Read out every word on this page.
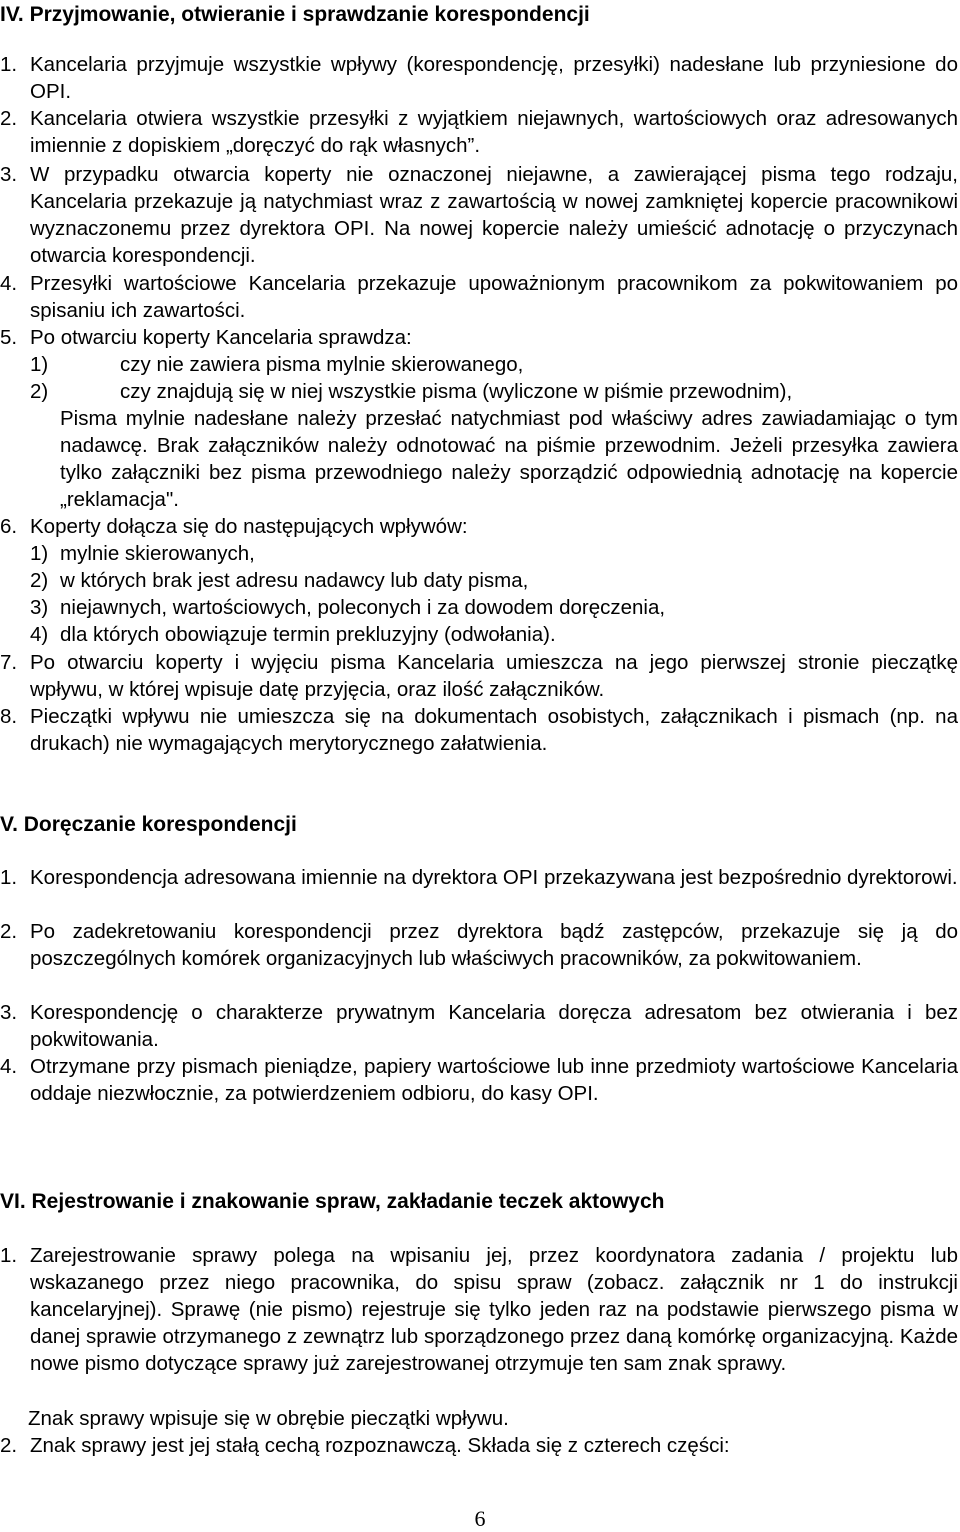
IV. Przyjmowanie, otwieranie i sprawdzanie korespondencji
1. Kancelaria przyjmuje wszystkie wpływy (korespondencję, przesyłki) nadesłane lub przyniesione do OPI.
2. Kancelaria otwiera wszystkie przesyłki z wyjątkiem niejawnych, wartościowych oraz adresowanych imiennie z dopiskiem „doręczyć do rąk własnych”.
3. W przypadku otwarcia koperty nie oznaczonej niejawne, a zawierającej pisma tego rodzaju, Kancelaria przekazuje ją natychmiast wraz z zawartością w nowej zamkniętej kopercie pracownikowi wyznaczonemu przez dyrektora OPI. Na nowej kopercie należy umieścić adnotację o przyczynach otwarcia korespondencji.
4. Przesyłki wartościowe Kancelaria przekazuje upoważnionym pracownikom za pokwitowaniem po spisaniu ich zawartości.
5. Po otwarciu koperty Kancelaria sprawdza:
1)	czy nie zawiera pisma mylnie skierowanego,
2)	czy znajdują się w niej wszystkie pisma (wyliczone w piśmie przewodnim),
Pisma mylnie nadesłane należy przesłać natychmiast pod właściwy adres zawiadamiając o tym nadawcę. Brak załączników należy odnotować na piśmie przewodnim. Jeżeli przesyłka zawiera tylko załączniki bez pisma przewodniego należy sporządzić odpowiednią adnotację na kopercie „reklamacja".
6. Koperty dołącza się do następujących wpływów:
1) mylnie skierowanych,
2) w których brak jest adresu nadawcy lub daty pisma,
3) niejawnych, wartościowych, poleconych i za dowodem doręczenia,
4) dla których obowiązuje termin prekluzyjny (odwołania).
7. Po otwarciu koperty i wyjęciu pisma Kancelaria umieszcza na jego pierwszej stronie pieczątkę wpływu, w której wpisuje datę przyjęcia, oraz ilość załączników.
8. Pieczątki wpływu nie umieszcza się na dokumentach osobistych, załącznikach i pismach (np. na drukach) nie wymagających merytorycznego załatwienia.
V. Doręczanie korespondencji
1. Korespondencja adresowana imiennie na dyrektora OPI przekazywana jest bezpośrednio dyrektorowi.
2. Po zadekretowaniu korespondencji przez dyrektora bądź zastępców, przekazuje się ją do poszczególnych komórek organizacyjnych lub właściwych pracowników, za pokwitowaniem.
3. Korespondencję o charakterze prywatnym Kancelaria doręcza adresatom bez otwierania i bez pokwitowania.
4. Otrzymane przy pismach pieniądze, papiery wartościowe lub inne przedmioty wartościowe Kancelaria oddaje niezwłocznie, za potwierdzeniem odbioru, do kasy OPI.
VI. Rejestrowanie i znakowanie spraw, zakładanie teczek aktowych
1. Zarejestrowanie sprawy polega na wpisaniu jej, przez koordynatora zadania / projektu lub wskazanego przez niego pracownika, do spisu spraw (zobacz. załącznik nr 1 do instrukcji kancelaryjnej). Sprawę (nie pismo) rejestruje się tylko jeden raz na podstawie pierwszego pisma w danej sprawie otrzymanego z zewnątrz lub sporządzonego przez daną komórkę organizacyjną. Każde nowe pismo dotyczące sprawy już zarejestrowanej otrzymuje ten sam znak sprawy.
Znak sprawy wpisuje się w obrębie pieczątki wpływu.
2. Znak sprawy jest jej stałą cechą rozpoznawczą. Składa się z czterech części:
6
